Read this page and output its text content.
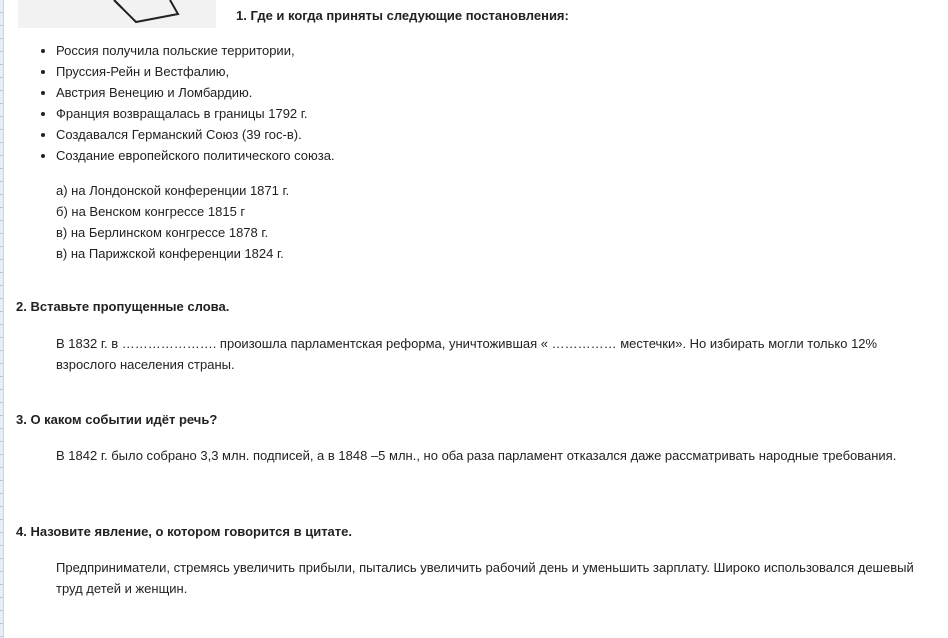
1. Где и когда приняты следующие постановления:
• Россия получила польские территории,
• Пруссия-Рейн и Вестфалию,
• Австрия Венецию и Ломбардию.
• Франция возвращалась в границы 1792 г.
• Создавался Германский Союз (39 гос-в).
• Создание европейского политического союза.
а) на Лондонской конференции 1871 г.
б) на Венском конгрессе 1815 г
в) на Берлинском конгрессе 1878 г.
в) на Парижской конференции 1824 г.
2. Вставьте пропущенные слова.
В 1832 г. в …………………. произошла парламентская реформа, уничтожившая « …………… местечки». Но избирать могли только 12% взрослого населения страны.
3. О каком событии идёт речь?
В 1842 г. было собрано 3,3 млн. подписей, а в 1848 –5 млн., но оба раза парламент отказался даже рассматривать народные требования.
4. Назовите явление, о котором говорится в цитате.
Предприниматели, стремясь увеличить прибыли, пытались увеличить рабочий день и уменьшить зарплату. Широко использовался дешевый труд детей и женщин.
